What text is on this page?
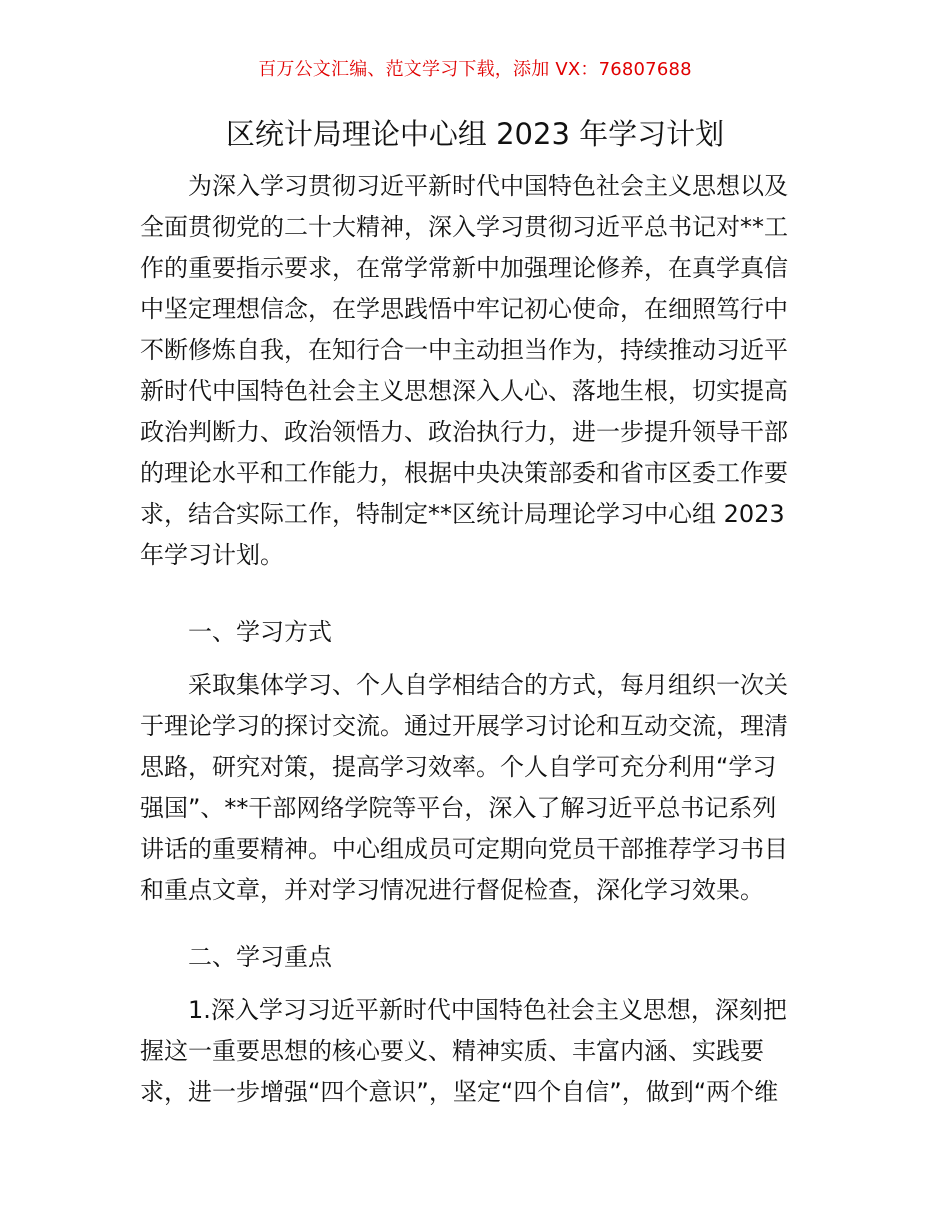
百万公文汇编、范文学习下载，添加 VX：76807688
区统计局理论中心组 2023 年学习计划
为深入学习贯彻习近平新时代中国特色社会主义思想以及
全面贯彻党的二十大精神，深入学习贯彻习近平总书记对**工
作的重要指示要求，在常学常新中加强理论修养，在真学真信
中坚定理想信念，在学思践悟中牢记初心使命，在细照笃行中
不断修炼自我，在知行合一中主动担当作为，持续推动习近平
新时代中国特色社会主义思想深入人心、落地生根，切实提高
政治判断力、政治领悟力、政治执行力，进一步提升领导干部
的理论水平和工作能力，根据中央决策部委和省市区委工作要
求，结合实际工作，特制定**区统计局理论学习中心组 2023
年学习计划。
一、学习方式
采取集体学习、个人自学相结合的方式，每月组织一次关
于理论学习的探讨交流。通过开展学习讨论和互动交流，理清
思路，研究对策，提高学习效率。个人自学可充分利用“学习
强国”、**干部网络学院等平台，深入了解习近平总书记系列
讲话的重要精神。中心组成员可定期向党员干部推荐学习书目
和重点文章，并对学习情况进行督促检查，深化学习效果。
二、学习重点
1.深入学习习近平新时代中国特色社会主义思想，深刻把
握这一重要思想的核心要义、精神实质、丰富内涵、实践要
求，进一步增强“四个意识”，坚定“四个自信”，做到“两个维
